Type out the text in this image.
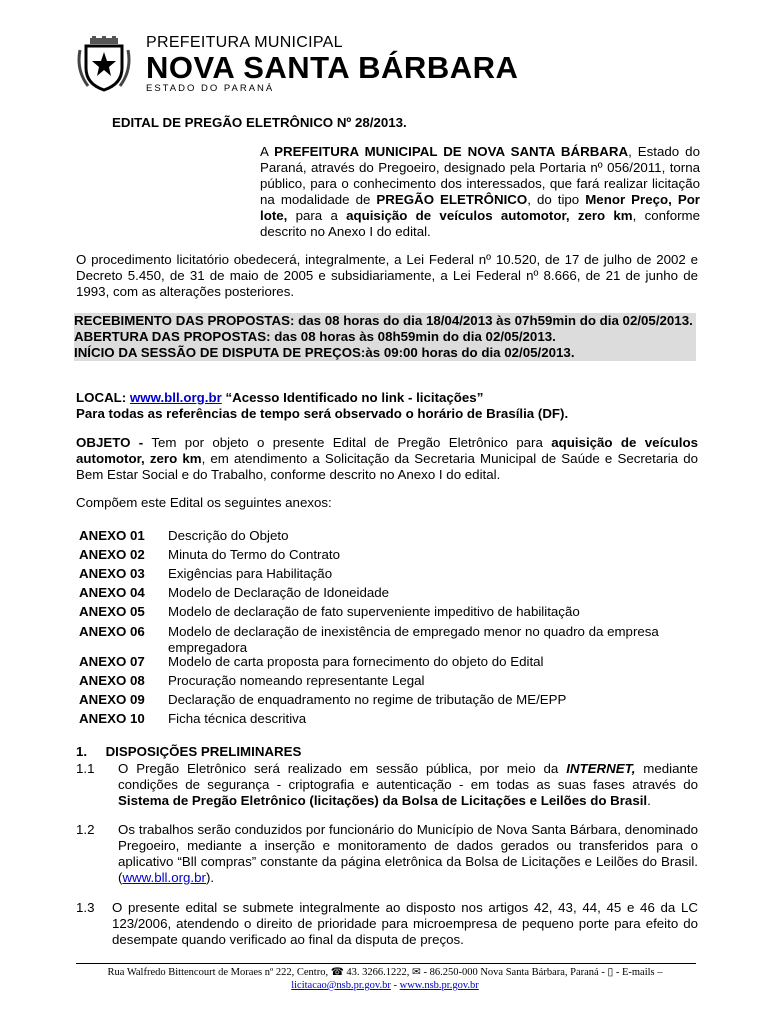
PREFEITURA MUNICIPAL
NOVA SANTA BÁRBARA
ESTADO DO PARANÁ
EDITAL DE PREGÃO ELETRÔNICO Nº 28/2013.
A PREFEITURA MUNICIPAL DE NOVA SANTA BÁRBARA, Estado do Paraná, através do Pregoeiro, designado pela Portaria nº 056/2011, torna público, para o conhecimento dos interessados, que fará realizar licitação na modalidade de PREGÃO ELETRÔNICO, do tipo Menor Preço, Por lote, para a aquisição de veículos automotor, zero km, conforme descrito no Anexo I do edital.
O procedimento licitatório obedecerá, integralmente, a Lei Federal nº 10.520, de 17 de julho de 2002 e Decreto 5.450, de 31 de maio de 2005 e subsidiariamente, a Lei Federal nº 8.666, de 21 de junho de 1993, com as alterações posteriores.
RECEBIMENTO DAS PROPOSTAS: das 08 horas do dia 18/04/2013 às 07h59min do dia 02/05/2013.
ABERTURA DAS PROPOSTAS: das 08 horas às 08h59min do dia 02/05/2013.
INÍCIO DA SESSÃO DE DISPUTA DE PREÇOS:às 09:00 horas do dia 02/05/2013.
LOCAL: www.bll.org.br “Acesso Identificado no link - licitações”
Para todas as referências de tempo será observado o horário de Brasília (DF).
OBJETO - Tem por objeto o presente Edital de Pregão Eletrônico para aquisição de veículos automotor, zero km, em atendimento a Solicitação da Secretaria Municipal de Saúde e Secretaria do Bem Estar Social e do Trabalho, conforme descrito no Anexo I do edital.
Compõem este Edital os seguintes anexos:
ANEXO 01	Descrição do Objeto
ANEXO 02	Minuta do Termo do Contrato
ANEXO 03	Exigências para Habilitação
ANEXO 04	Modelo de Declaração de Idoneidade
ANEXO 05	Modelo de declaração de fato superveniente impeditivo de habilitação
ANEXO 06	Modelo de declaração de inexistência de empregado menor no quadro da empresa empregadora
ANEXO 07	Modelo de carta proposta para fornecimento do objeto do Edital
ANEXO 08	Procuração nomeando representante Legal
ANEXO 09	Declaração de enquadramento no regime de tributação de ME/EPP
ANEXO 10	Ficha técnica descritiva
1. DISPOSIÇÕES PRELIMINARES
1.1	O Pregão Eletrônico será realizado em sessão pública, por meio da INTERNET, mediante condições de segurança - criptografia e autenticação - em todas as suas fases através do Sistema de Pregão Eletrônico (licitações) da Bolsa de Licitações e Leilões do Brasil.
1.2	Os trabalhos serão conduzidos por funcionário do Município de Nova Santa Bárbara, denominado Pregoeiro, mediante a inserção e monitoramento de dados gerados ou transferidos para o aplicativo “Bll compras” constante da página eletrônica da Bolsa de Licitações e Leilões do Brasil. (www.bll.org.br).
1.3	O presente edital se submete integralmente ao disposto nos artigos 42, 43, 44, 45 e 46 da LC 123/2006, atendendo o direito de prioridade para microempresa de pequeno porte para efeito do desempate quando verificado ao final da disputa de preços.
Rua Walfredo Bittencourt de Moraes nº 222, Centro, ☎ 43. 3266.1222, ✉ - 86.250-000 Nova Santa Bárbara, Paraná - ▯ - E-mails – licitacao@nsb.pr.gov.br - www.nsb.pr.gov.br
